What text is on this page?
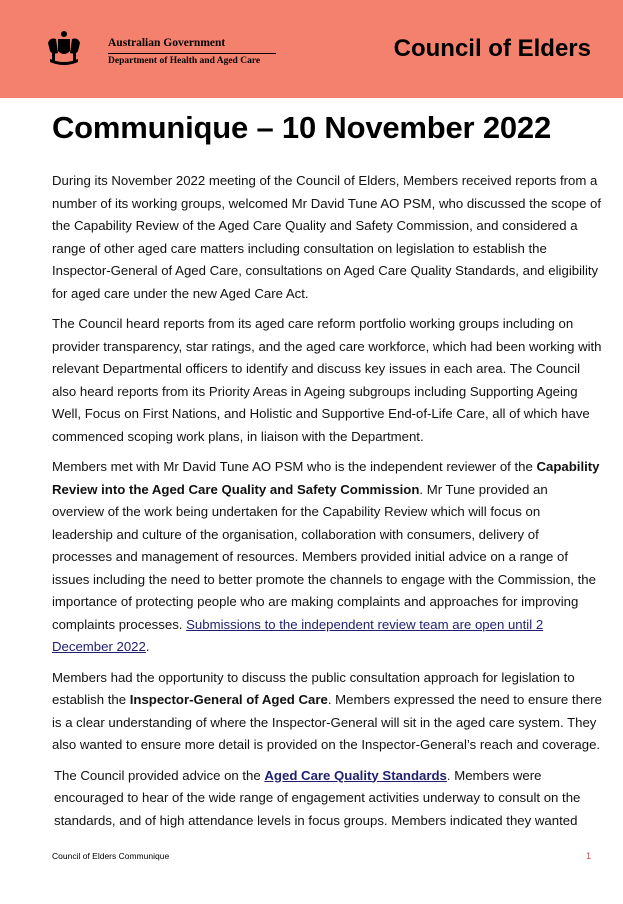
Australian Government
Department of Health and Aged Care	Council of Elders
Communique – 10 November 2022

During its November 2022 meeting of the Council of Elders, Members received reports from a number of its working groups, welcomed Mr David Tune AO PSM, who discussed the scope of the Capability Review of the Aged Care Quality and Safety Commission, and considered a range of other aged care matters including consultation on legislation to establish the Inspector-General of Aged Care, consultations on Aged Care Quality Standards, and eligibility for aged care under the new Aged Care Act.

The Council heard reports from its aged care reform portfolio working groups including on provider transparency, star ratings, and the aged care workforce, which had been working with relevant Departmental officers to identify and discuss key issues in each area. The Council also heard reports from its Priority Areas in Ageing subgroups including Supporting Ageing Well, Focus on First Nations, and Holistic and Supportive End-of-Life Care, all of which have commenced scoping work plans, in liaison with the Department.

Members met with Mr David Tune AO PSM who is the independent reviewer of the Capability Review into the Aged Care Quality and Safety Commission. Mr Tune provided an overview of the work being undertaken for the Capability Review which will focus on leadership and culture of the organisation, collaboration with consumers, delivery of processes and management of resources. Members provided initial advice on a range of issues including the need to better promote the channels to engage with the Commission, the importance of protecting people who are making complaints and approaches for improving complaints processes. Submissions to the independent review team are open until 2 December 2022.

Members had the opportunity to discuss the public consultation approach for legislation to establish the Inspector-General of Aged Care. Members expressed the need to ensure there is a clear understanding of where the Inspector-General will sit in the aged care system. They also wanted to ensure more detail is provided on the Inspector-General’s reach and coverage.

The Council provided advice on the Aged Care Quality Standards. Members were encouraged to hear of the wide range of engagement activities underway to consult on the standards, and of high attendance levels in focus groups. Members indicated they wanted

Council of Elders Communique	1
